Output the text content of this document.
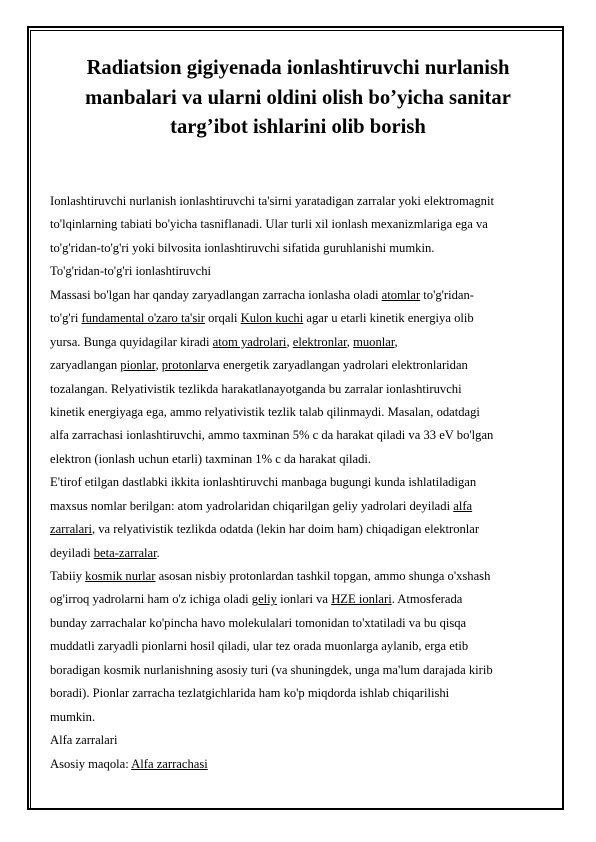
Radiatsion gigiyenada ionlashtiruvchi nurlanish
manbalari va ularni oldini olish bo’yicha sanitar
targ’ibot ishlarini olib borish
Ionlashtiruvchi nurlanish ionlashtiruvchi ta'sirni yaratadigan zarralar yoki elektromagnit
to'lqinlarning tabiati bo'yicha tasniflanadi. Ular turli xil ionlash mexanizmlariga ega va
to'g'ridan-to'g'ri yoki bilvosita ionlashtiruvchi sifatida guruhlanishi mumkin.
To'g'ridan-to'g'ri ionlashtiruvchi
Massasi bo'lgan har qanday zaryadlangan zarracha ionlasha oladi atomlar to'g'ridan-
to'g'ri fundamental o'zaro ta'sir orqali Kulon kuchi agar u etarli kinetik energiya olib
yursa. Bunga quyidagilar kiradi atom yadrolari, elektronlar, muonlar,
zaryadlangan pionlar, protonlarva energetik zaryadlangan yadrolari elektronlaridan
tozalangan. Relyativistik tezlikda harakatlanayotganda bu zarralar ionlashtiruvchi
kinetik energiyaga ega, ammo relyativistik tezlik talab qilinmaydi. Masalan, odatdagi
alfa zarrachasi ionlashtiruvchi, ammo taxminan 5% c da harakat qiladi va 33 eV bo'lgan
elektron (ionlash uchun etarli) taxminan 1% c da harakat qiladi.
E'tirof etilgan dastlabki ikkita ionlashtiruvchi manbaga bugungi kunda ishlatiladigan
maxsus nomlar berilgan: atom yadrolaridan chiqarilgan geliy yadrolari deyiladi alfa
zarralari, va relyativistik tezlikda odatda (lekin har doim ham) chiqadigan elektronlar
deyiladi beta-zarralar.
Tabiiy kosmik nurlar asosan nisbiy protonlardan tashkil topgan, ammo shunga o'xshash
og'irroq yadrolarni ham o'z ichiga oladi geliy ionlari va HZE ionlari. Atmosferada
bunday zarrachalar ko'pincha havo molekulalari tomonidan to'xtatiladi va bu qisqa
muddatli zaryadli pionlarni hosil qiladi, ular tez orada muonlarga aylanib, erga etib
boradigan kosmik nurlanishning asosiy turi (va shuningdek, unga ma'lum darajada kirib
boradi). Pionlar zarracha tezlatgichlarida ham ko'p miqdorda ishlab chiqarilishi
mumkin.
Alfa zarralari
Asosiy maqola: Alfa zarrachasi
